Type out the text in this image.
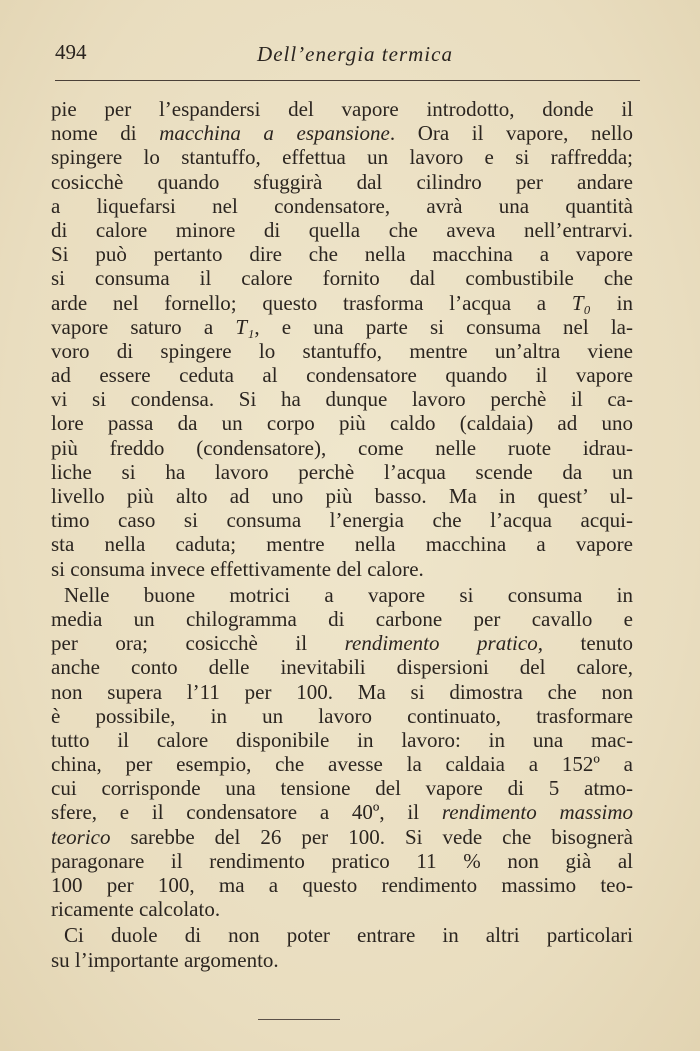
494	Dell’energia termica
pie per l’espandersi del vapore introdotto, donde il
nome di macchina a espansione. Ora il vapore, nello
spingere lo stantuffo, effettua un lavoro e si raffredda;
cosicchè quando sfuggirà dal cilindro per andare
a liquefarsi nel condensatore, avrà una quantità
di calore minore di quella che aveva nell’entrarvi.
Si può pertanto dire che nella macchina a vapore
si consuma il calore fornito dal combustibile che
arde nel fornello; questo trasforma l’acqua a T₀ in
vapore saturo a T₁, e una parte si consuma nel la-
voro di spingere lo stantuffo, mentre un’altra viene
ad essere ceduta al condensatore quando il vapore
vi si condensa. Si ha dunque lavoro perchè il ca-
lore passa da un corpo più caldo (caldaia) ad uno
più freddo (condensatore), come nelle ruote idrau-
liche si ha lavoro perchè l’acqua scende da un
livello più alto ad uno più basso. Ma in quest’ ul-
timo caso si consuma l’energia che l’acqua acqui-
sta nella caduta; mentre nella macchina a vapore
si consuma invece effettivamente del calore.
Nelle buone motrici a vapore si consuma in
media un chilogramma di carbone per cavallo e
per ora; cosicchè il rendimento pratico, tenuto
anche conto delle inevitabili dispersioni del calore,
non supera l’11 per 100. Ma si dimostra che non
è possibile, in un lavoro continuato, trasformare
tutto il calore disponibile in lavoro: in una mac-
china, per esempio, che avesse la caldaia a 152º a
cui corrisponde una tensione del vapore di 5 atmo-
sfere, e il condensatore a 40º, il rendimento massimo
teorico sarebbe del 26 per 100. Si vede che bisognerà
paragonare il rendimento pratico 11 % non già al
100 per 100, ma a questo rendimento massimo teo-
ricamente calcolato.
Ci duole di non poter entrare in altri particolari
su l’importante argomento.
